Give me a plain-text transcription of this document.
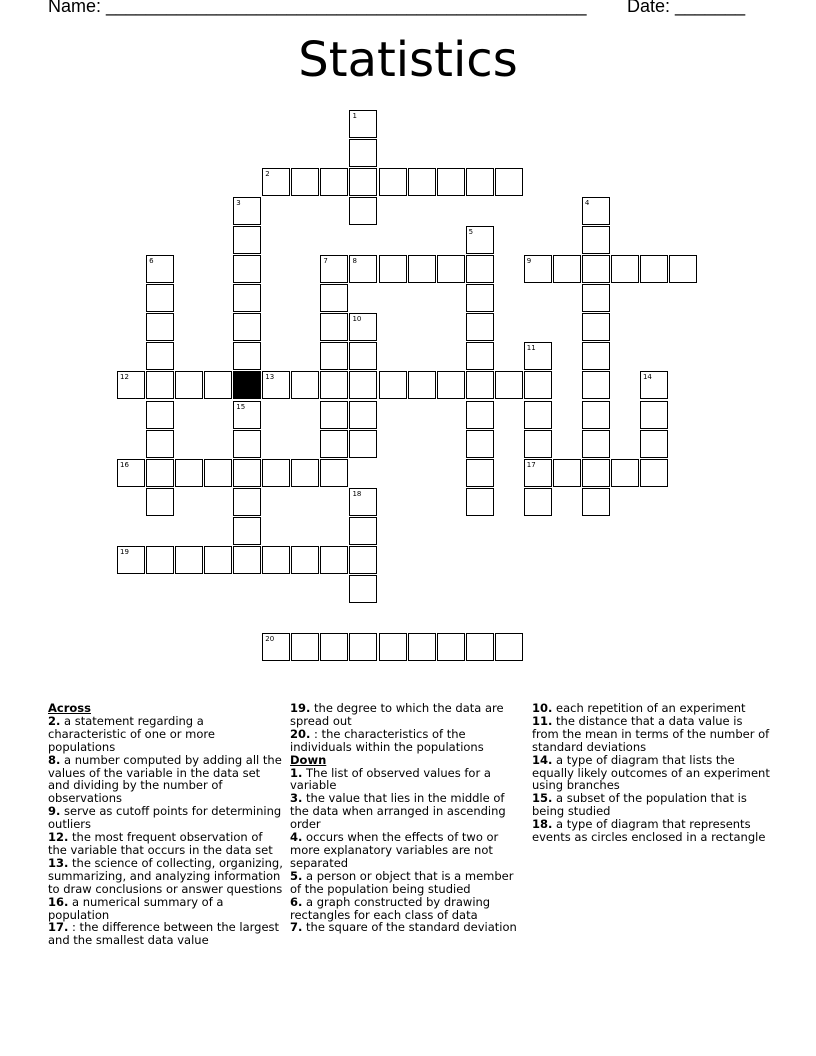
Name: ________________________________________________ Date: _______
Statistics
1
2
3
15
4
5
6	7	8	9
10
11
17
12	13	14
16
18
19
20
Across
2. a statement regarding a characteristic of one or more populations
8. a number computed by adding all the values of the variable in the data set and dividing by the number of observations
9. serve as cutoff points for determining outliers
12. the most frequent observation of the variable that occurs in the data set
13. the science of collecting, organizing, summarizing, and analyzing information to draw conclusions or answer questions
16. a numerical summary of a population
17. : the difference between the largest and the smallest data value
19. the degree to which the data are spread out
20. : the characteristics of the individuals within the populations
Down
1. The list of observed values for a variable
3. the value that lies in the middle of the data when arranged in ascending order
4. occurs when the effects of two or more explanatory variables are not separated
5. a person or object that is a member of the population being studied
6. a graph constructed by drawing rectangles for each class of data
7. the square of the standard deviation
10. each repetition of an experiment
11. the distance that a data value is from the mean in terms of the number of standard deviations
14. a type of diagram that lists the equally likely outcomes of an experiment using branches
15. a subset of the population that is being studied
18. a type of diagram that represents events as circles enclosed in a rectangle
